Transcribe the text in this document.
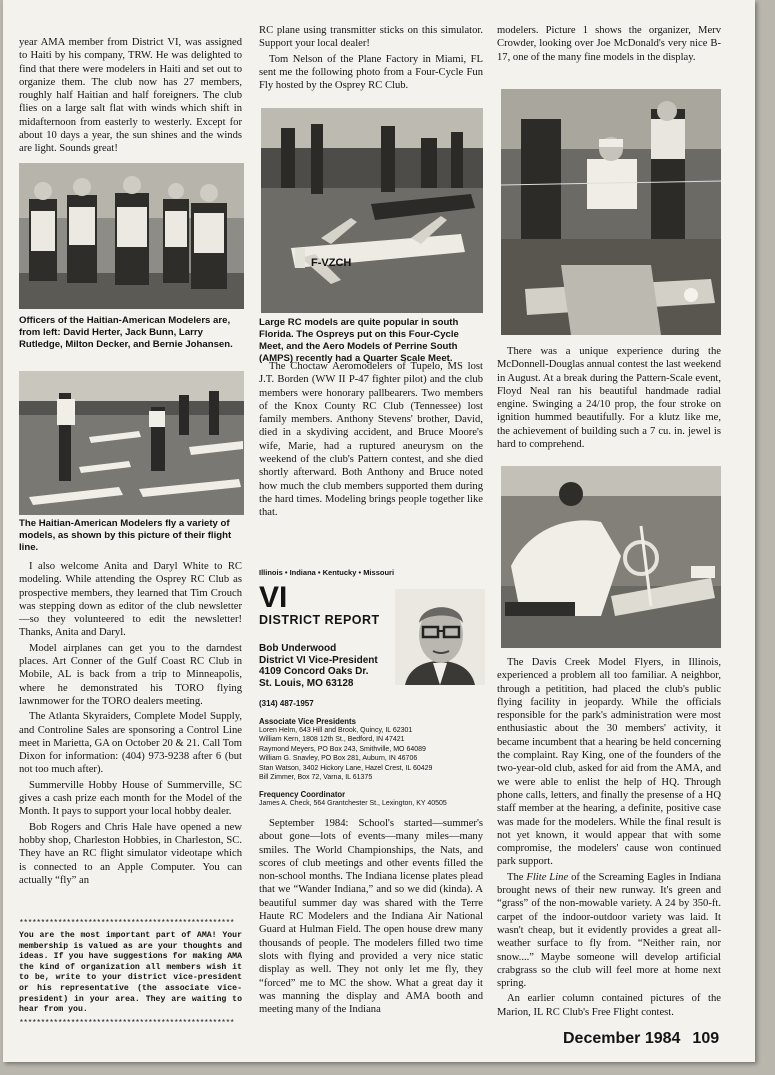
year AMA member from District VI, was assigned to Haiti by his company, TRW. He was delighted to find that there were modelers in Haiti and set out to organize them. The club now has 27 members, roughly half Haitian and half foreigners. The club flies on a large salt flat with winds which shift in midafternoon from easterly to westerly. Except for about 10 days a year, the sun shines and the winds are light. Sounds great!

Officers of the Haitian-American Modelers are, from left: David Herter, Jack Bunn, Larry Rutledge, Milton Decker, and Bernie Johansen.

The Haitian-American Modelers fly a variety of models, as shown by this picture of their flight line.

I also welcome Anita and Daryl White to RC modeling. While attending the Osprey RC Club as prospective members, they learned that Tim Crouch was stepping down as editor of the club newsletter—so they volunteered to edit the newsletter! Thanks, Anita and Daryl.

Model airplanes can get you to the darndest places. Art Conner of the Gulf Coast RC Club in Mobile, AL is back from a trip to Minneapolis, where he demonstrated his TORO flying lawnmower for the TORO dealers meeting.

The Atlanta Skyraiders, Complete Model Supply, and Controline Sales are sponsoring a Control Line meet in Marietta, GA on October 20 & 21. Call Tom Dixon for information: (404) 973-9238 after 6 (but not too much after).

Summerville Hobby House of Summerville, SC gives a cash prize each month for the Model of the Month. It pays to support your local hobby dealer.

Bob Rogers and Chris Hale have opened a new hobby shop, Charleston Hobbies, in Charleston, SC. They have an RC flight simulator videotape which is connected to an Apple Computer. You can actually “fly” an

**************************************************

You are the most important part of AMA! Your membership is valued as are your thoughts and ideas. If you have suggestions for making AMA the kind of organization all members wish it to be, write to your district vice-president or his representative (the associate vice-president) in your area. They are waiting to hear from you.

**************************************************

RC plane using transmitter sticks on this simulator. Support your local dealer!

Tom Nelson of the Plane Factory in Miami, FL sent me the following photo from a Four-Cycle Fun Fly hosted by the Osprey RC Club.

F-VZCH

Large RC models are quite popular in south Florida. The Ospreys put on this Four-Cycle Meet, and the Aero Models of Perrine South (AMPS) recently had a Quarter Scale Meet.

The Choctaw Aeromodelers of Tupelo, MS lost J.T. Borden (WW II P-47 fighter pilot) and the club members were honorary pallbearers. Two members of the Knox County RC Club (Tennessee) lost family members. Anthony Stevens' brother, David, died in a skydiving accident, and Bruce Moore's wife, Marie, had a ruptured aneurysm on the weekend of the club's Pattern contest, and she died shortly afterward. Both Anthony and Bruce noted how much the club members supported them during the hard times. Modeling brings people together like that.

Illinois • Indiana • Kentucky • Missouri
VI
DISTRICT REPORT
Bob Underwood
District VI Vice-President
4109 Concord Oaks Dr.
St. Louis, MO 63128
(314) 487-1957
Associate Vice Presidents
Loren Helm, 643 Hill and Brook, Quincy, IL 62301
William Kern, 1808 12th St., Bedford, IN 47421
Raymond Meyers, PO Box 243, Smithville, MO 64089
William G. Snavley, PO Box 281, Auburn, IN 46706
Stan Watson, 3402 Hickory Lane, Hazel Crest, IL 60429
Bill Zimmer, Box 72, Varna, IL 61375
Frequency Coordinator
James A. Check, 564 Grantchester St., Lexington, KY 40505

September 1984: School's started—summer's about gone—lots of events—many miles—many smiles. The World Championships, the Nats, and scores of club meetings and other events filled the non-school months. The Indiana license plates plead that we “Wander Indiana,” and so we did (kinda). A beautiful summer day was shared with the Terre Haute RC Modelers and the Indiana Air National Guard at Hulman Field. The open house drew many thousands of people. The modelers filled two time slots with flying and provided a very nice static display as well. They not only let me fly, they “forced” me to MC the show. What a great day it was manning the display and AMA booth and meeting many of the Indiana

modelers. Picture 1 shows the organizer, Merv Crowder, looking over Joe McDonald's very nice B-17, one of the many fine models in the display.

There was a unique experience during the McDonnell-Douglas annual contest the last weekend in August. At a break during the Pattern-Scale event, Floyd Neal ran his beautiful handmade radial engine. Swinging a 24/10 prop, the four stroke on ignition hummed beautifully. For a klutz like me, the achievement of building such a 7 cu. in. jewel is hard to comprehend.

The Davis Creek Model Flyers, in Illinois, experienced a problem all too familiar. A neighbor, through a petitition, had placed the club's public flying facility in jeopardy. While the officials responsible for the park's administration were most enthusiastic about the 30 members' activity, it became incumbent that a hearing be held concerning the complaint. Ray King, one of the founders of the two-year-old club, asked for aid from the AMA, and we were able to enlist the help of HQ. Through phone calls, letters, and finally the presense of a HQ staff member at the hearing, a definite, positive case was made for the modelers. While the final result is not yet known, it would appear that with some compromise, the modelers' cause won continued park support.

The Flite Line of the Screaming Eagles in Indiana brought news of their new runway. It's green and “grass” of the non-mowable variety. A 24 by 350-ft. carpet of the indoor-outdoor variety was laid. It wasn't cheap, but it evidently provides a great all-weather surface to fly from. “Neither rain, nor snow....” Maybe someone will develop artificial crabgrass so the club will feel more at home next spring.

An earlier column contained pictures of the Marion, IL RC Club's Free Flight contest.

December 1984 109
